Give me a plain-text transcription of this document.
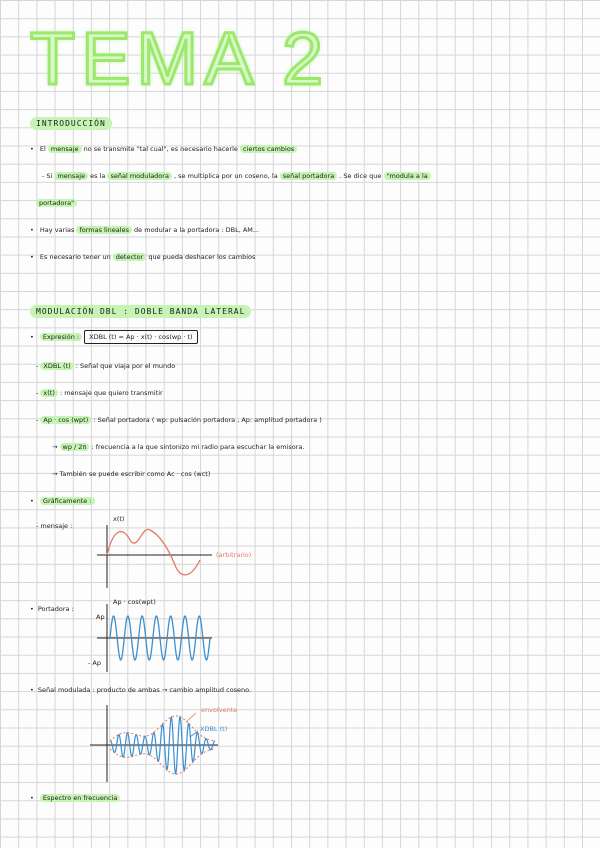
TEMA 2
INTRODUCCIÓN
• El mensaje no se transmite "tal cual", es necesario hacerle ciertos cambios
- Si mensaje es la señal moduladora , se multiplica por un coseno, la señal portadora . Se dice que "modula a la
portadora"
• Hay varias formas lineales de modular a la portadora : DBL, AM...
• Es necesario tener un detector que pueda deshacer los cambios
MODULACIÓN DBL : DOBLE BANDA LATERAL
• Expresión : XDBL (t) = Ap · x(t) · cos(wp · t)
- XDBL (t) : Señal que viaja por el mundo
- x(t) : mensaje que quiero transmitir
- Ap · cos (wpt) : Señal portadora ( wp: pulsación portadora , Ap: amplitud portadora )
→ wp / 2π : frecuencia a la que sintonizo mi radio para escuchar la emisora.
→ También se puede escribir como Ac · cos (wct)
• Gráficamente :
- mensaje :
x(t)
(arbitrario)
• Portadora :
Ap · cos(wpt)
Ap
- Ap
• Señal modulada : producto de ambas → cambio amplitud coseno.
envolvente
XDBL (t)
• Espectro en frecuencia
